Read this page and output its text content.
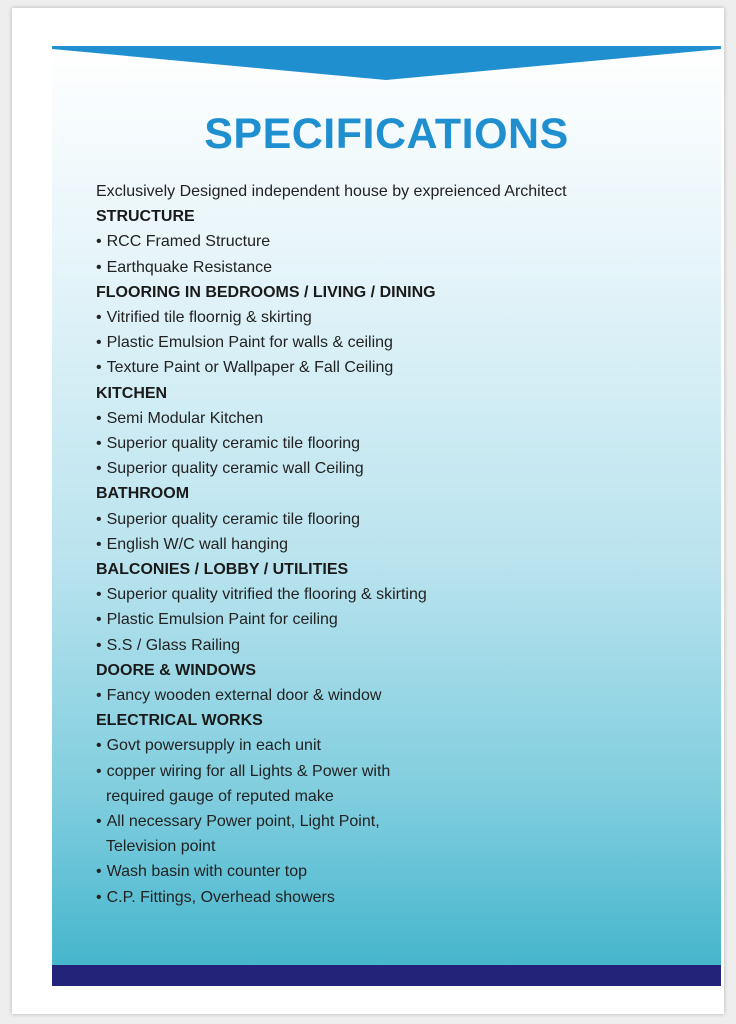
SPECIFICATIONS
Exclusively Designed independent house by expreienced Architect
STRUCTURE
• RCC Framed Structure
• Earthquake Resistance
FLOORING IN BEDROOMS / LIVING / DINING
• Vitrified tile floornig & skirting
• Plastic Emulsion Paint for walls & ceiling
• Texture Paint or Wallpaper & Fall Ceiling
KITCHEN
• Semi Modular Kitchen
• Superior quality ceramic tile flooring
• Superior quality ceramic wall Ceiling
BATHROOM
• Superior quality ceramic tile flooring
• English W/C wall hanging
BALCONIES / LOBBY / UTILITIES
• Superior quality vitrified the flooring & skirting
• Plastic Emulsion Paint for ceiling
• S.S / Glass Railing
DOORE & WINDOWS
• Fancy wooden external door & window
ELECTRICAL WORKS
• Govt powersupply in each unit
• copper wiring for all Lights & Power with
required gauge of reputed make
• All necessary Power point, Light Point,
Television point
• Wash basin with counter top
• C.P. Fittings, Overhead showers
